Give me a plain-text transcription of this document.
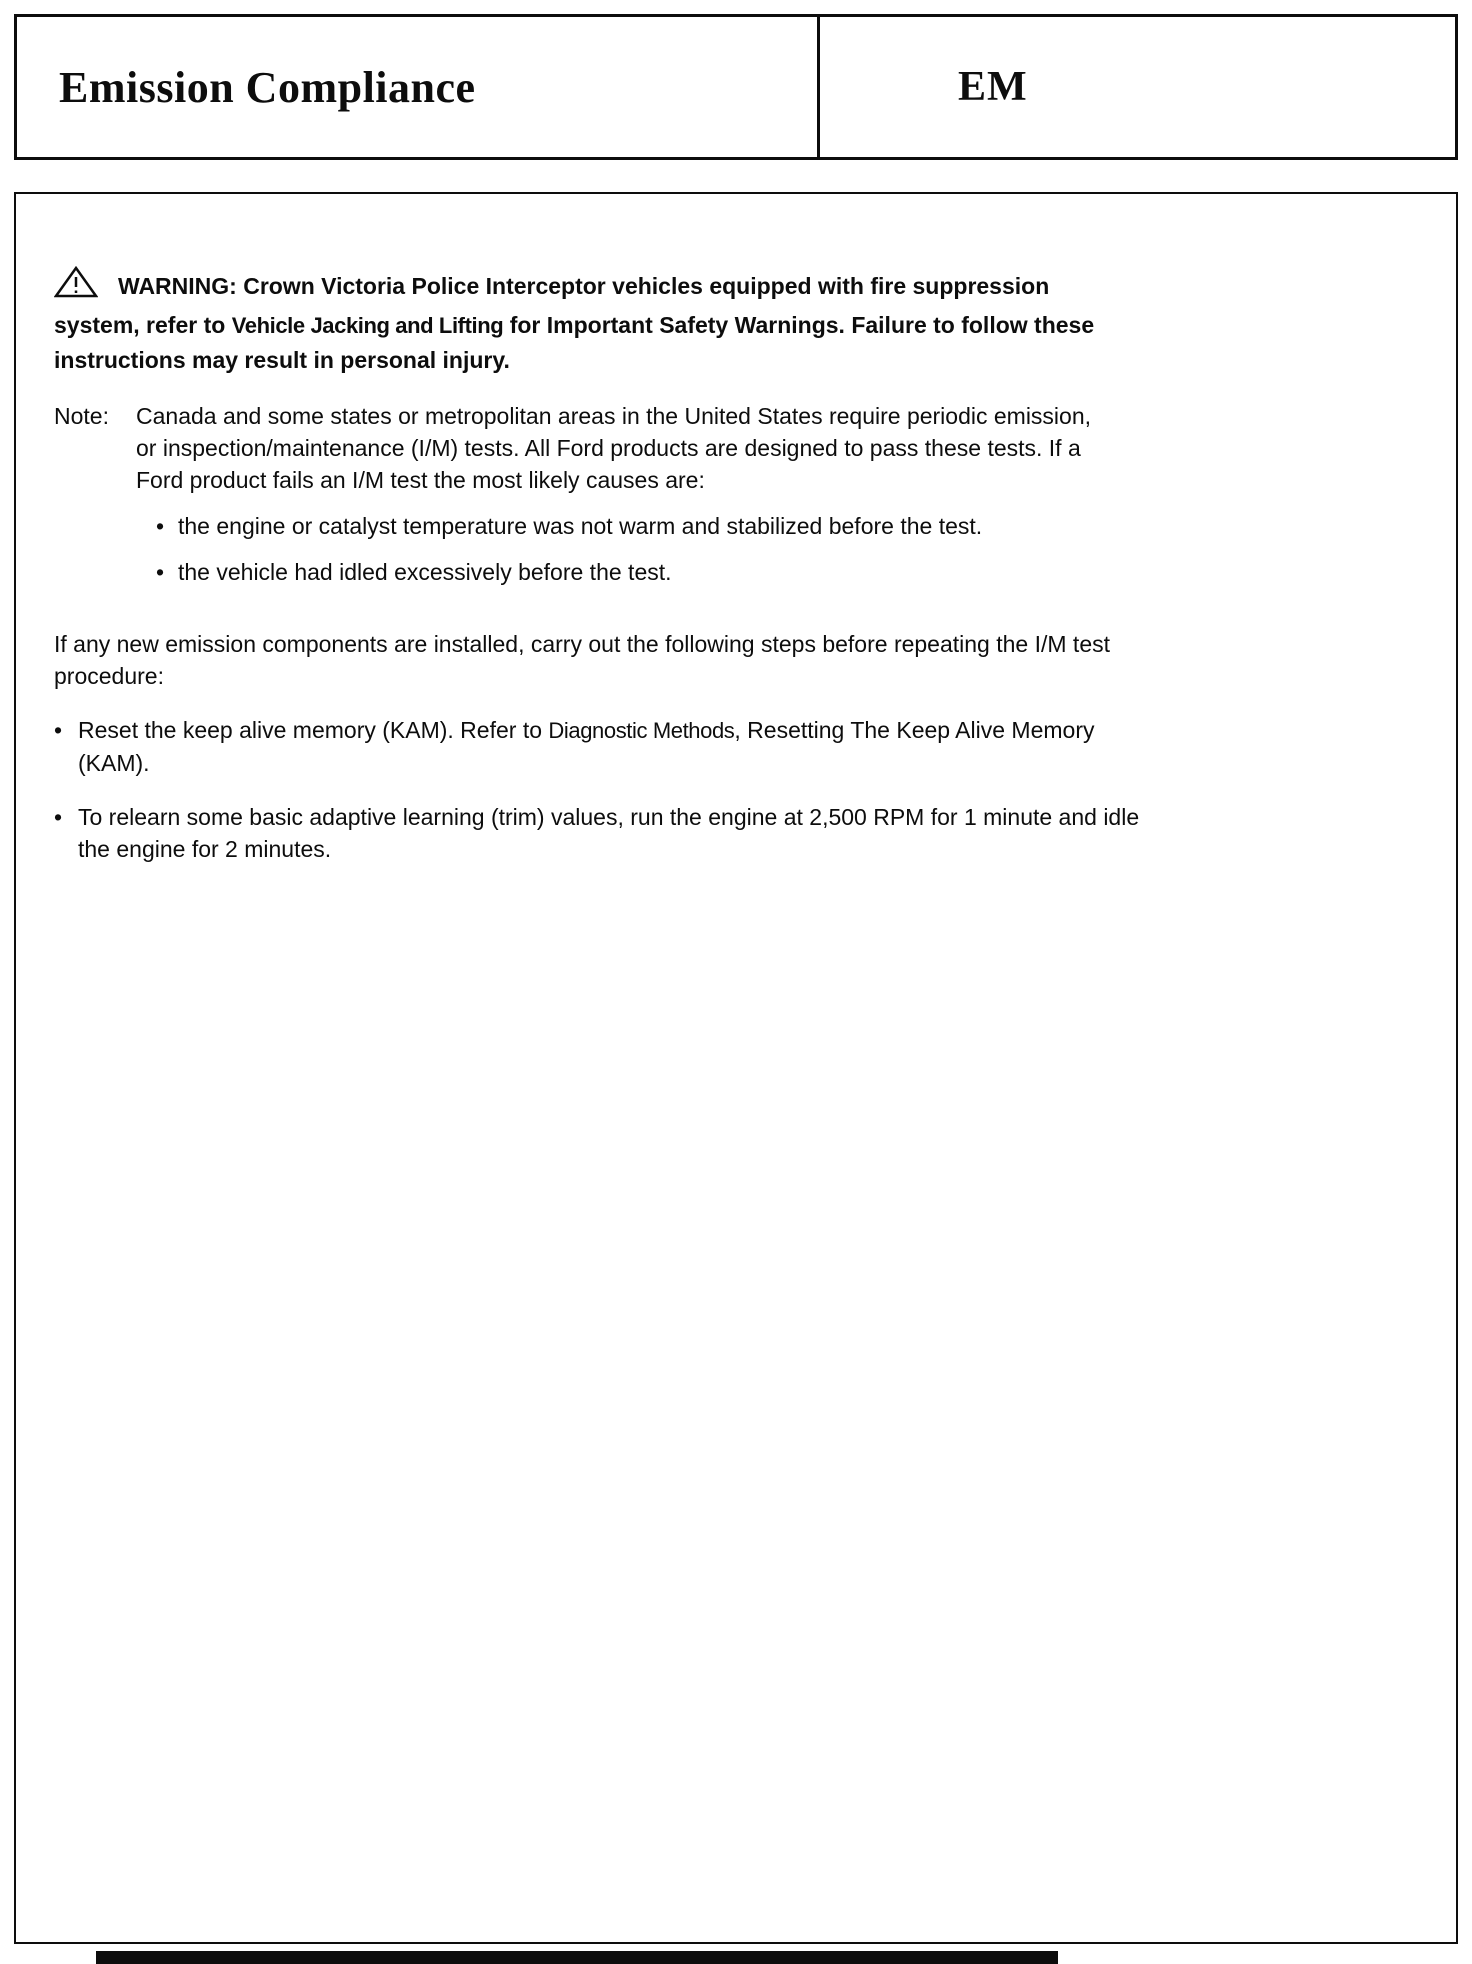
Emission Compliance	EM

WARNING: Crown Victoria Police Interceptor vehicles equipped with fire suppression system, refer to Vehicle Jacking and Lifting for Important Safety Warnings. Failure to follow these instructions may result in personal injury.

Note:	Canada and some states or metropolitan areas in the United States require periodic emission, or inspection/maintenance (I/M) tests. All Ford products are designed to pass these tests. If a Ford product fails an I/M test the most likely causes are:
•
the engine or catalyst temperature was not warm and stabilized before the test.
•
the vehicle had idled excessively before the test.

If any new emission components are installed, carry out the following steps before repeating the I/M test procedure:

•
Reset the keep alive memory (KAM). Refer to Diagnostic Methods, Resetting The Keep Alive Memory (KAM).
•
To relearn some basic adaptive learning (trim) values, run the engine at 2,500 RPM for 1 minute and idle the engine for 2 minutes.
